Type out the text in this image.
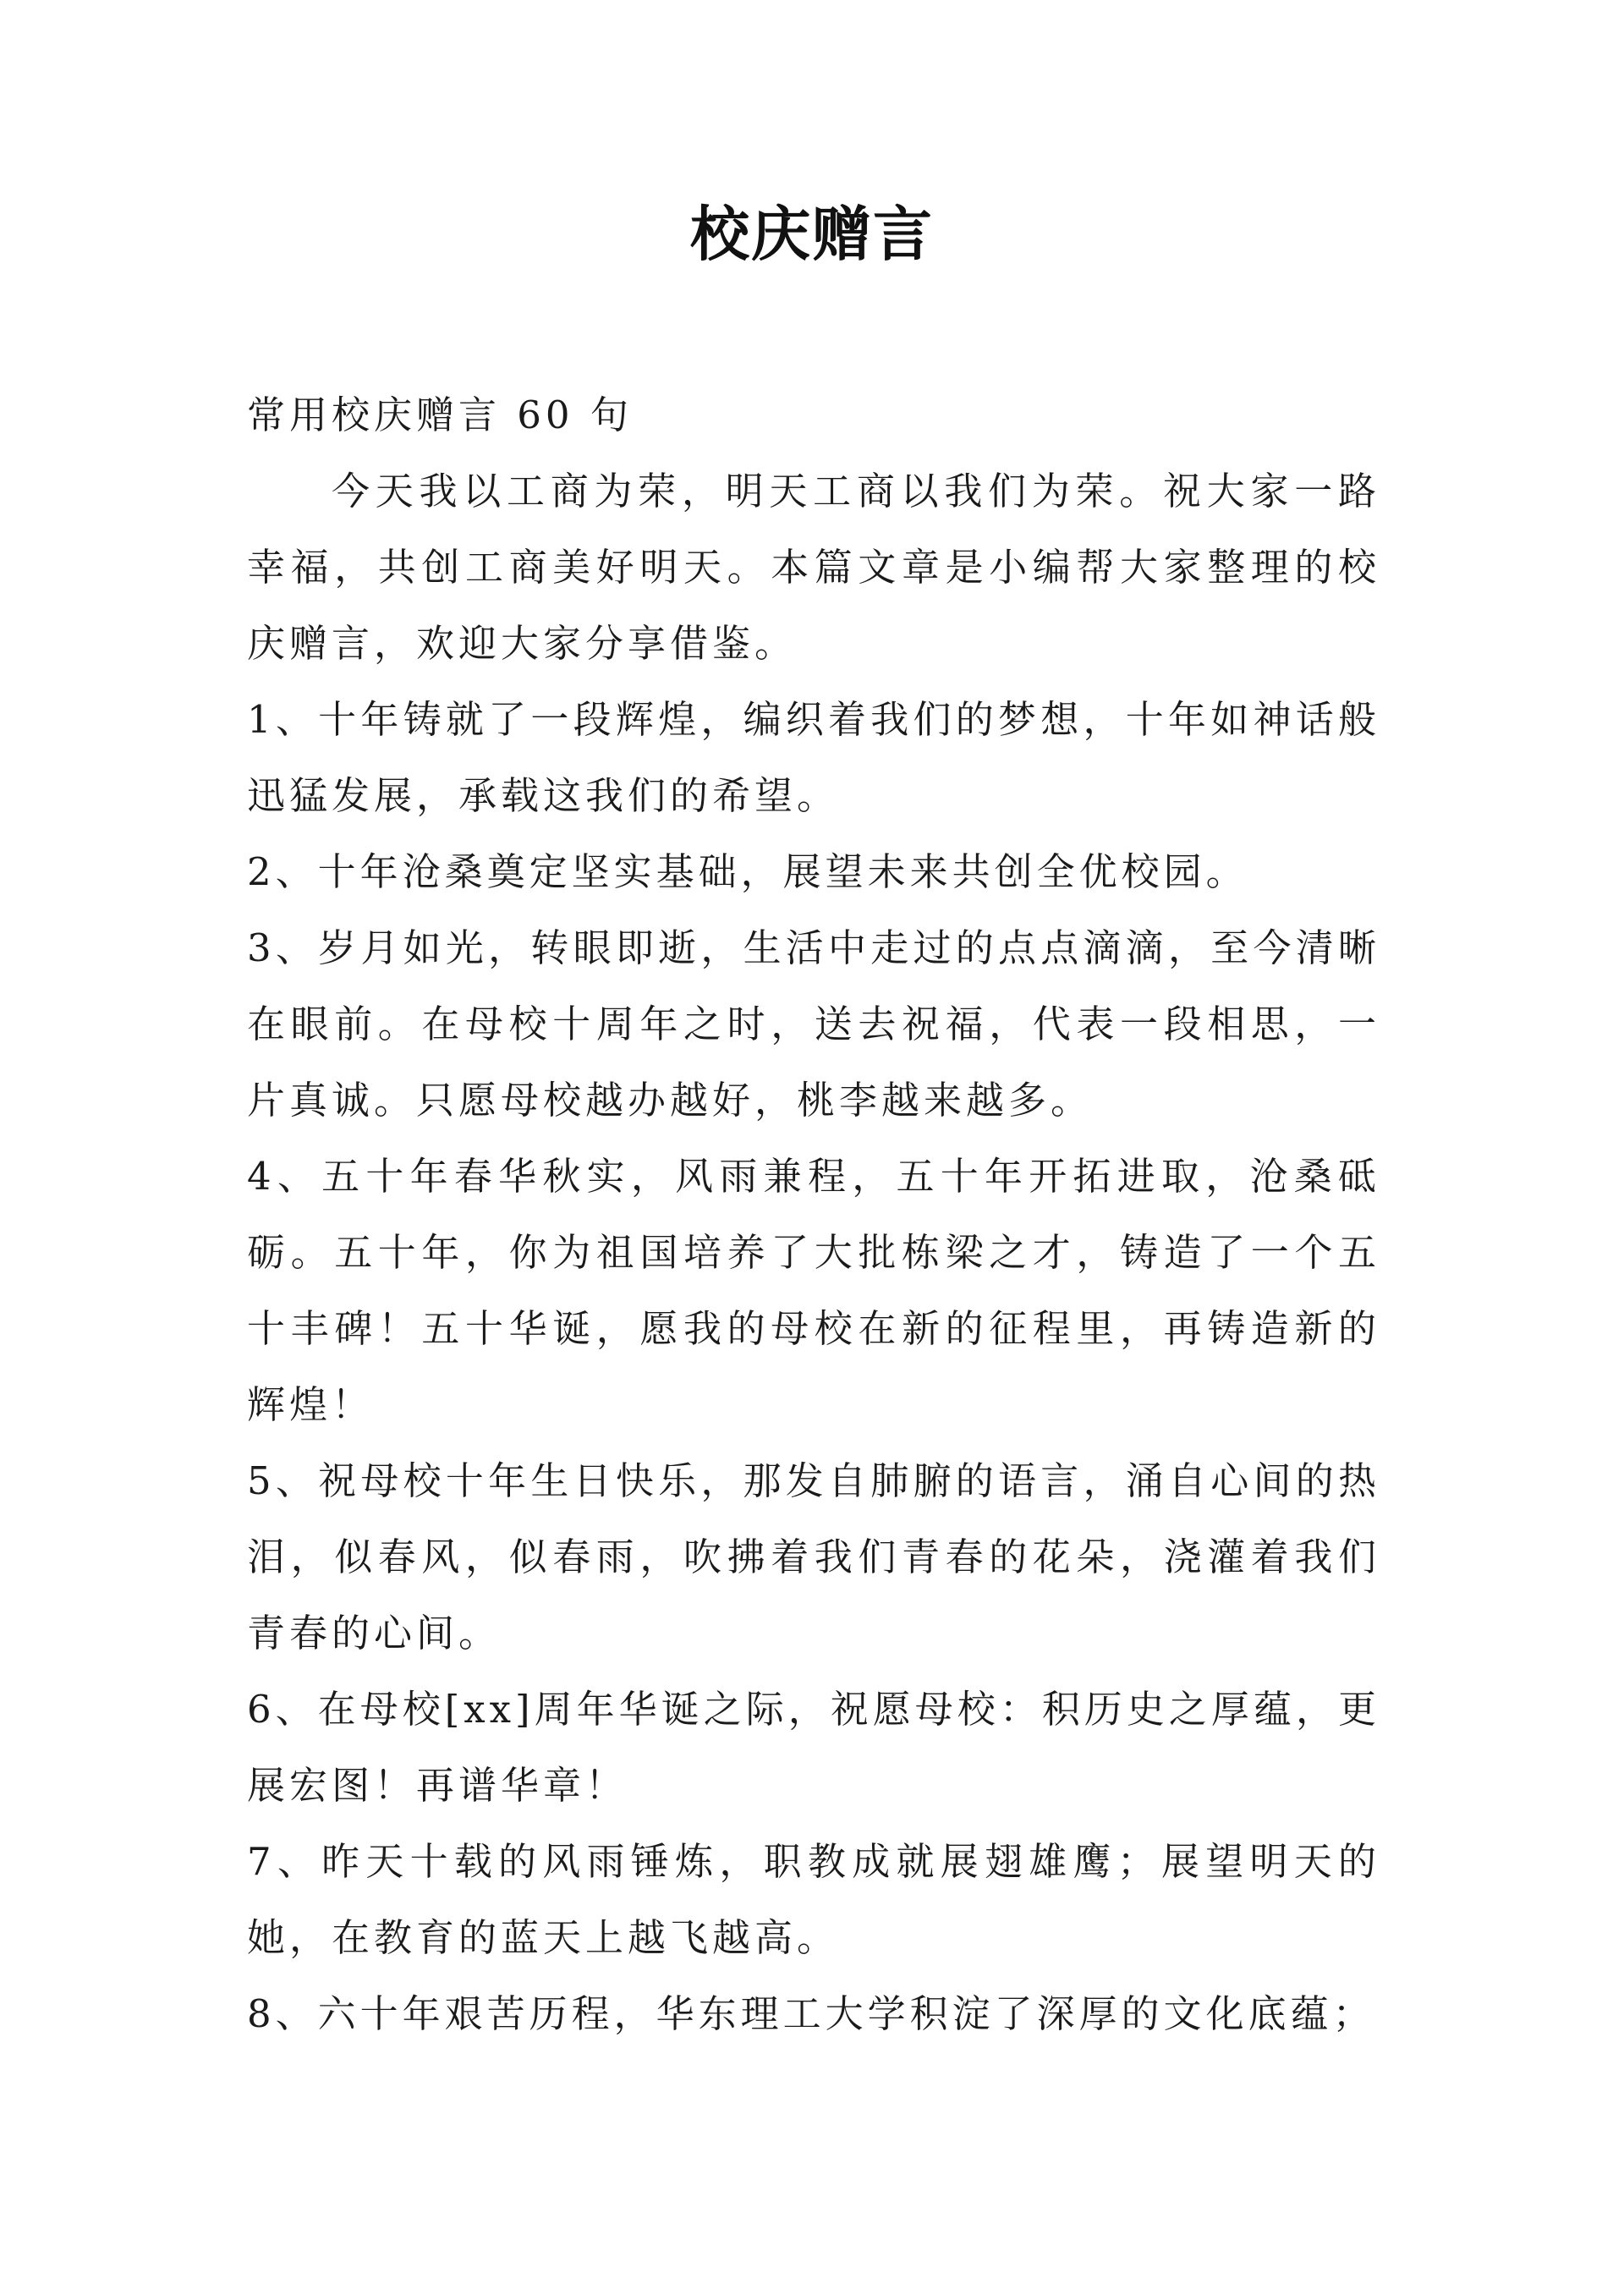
校庆赠言

常用校庆赠言 60 句

今天我以工商为荣，明天工商以我们为荣。祝大家一路幸福，共创工商美好明天。本篇文章是小编帮大家整理的校庆赠言，欢迎大家分享借鉴。

1、十年铸就了一段辉煌，编织着我们的梦想，十年如神话般迅猛发展，承载这我们的希望。

2、十年沧桑奠定坚实基础，展望未来共创全优校园。

3、岁月如光，转眼即逝，生活中走过的点点滴滴，至今清晰在眼前。在母校十周年之时，送去祝福，代表一段相思，一片真诚。只愿母校越办越好，桃李越来越多。

4、五十年春华秋实，风雨兼程，五十年开拓进取，沧桑砥砺。五十年，你为祖国培养了大批栋梁之才，铸造了一个五十丰碑！五十华诞，愿我的母校在新的征程里，再铸造新的辉煌！

5、祝母校十年生日快乐，那发自肺腑的语言，涌自心间的热泪，似春风，似春雨，吹拂着我们青春的花朵，浇灌着我们青春的心间。

6、在母校[xx]周年华诞之际，祝愿母校：积历史之厚蕴，更展宏图！再谱华章！

7、昨天十载的风雨锤炼，职教成就展翅雄鹰；展望明天的她，在教育的蓝天上越飞越高。

8、六十年艰苦历程，华东理工大学积淀了深厚的文化底蕴；
